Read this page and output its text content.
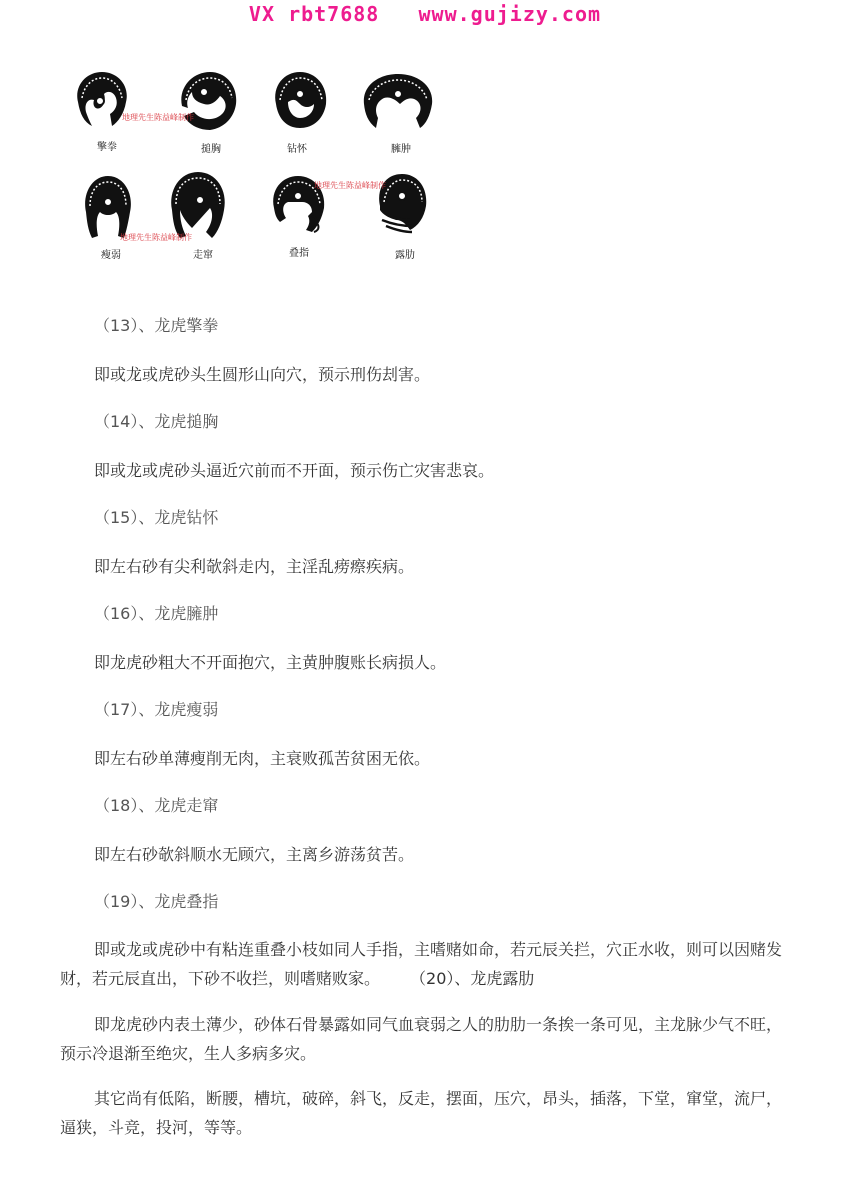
VX rbt7688 www.gujizy.com
擎拳	搥胸	钻怀	臃肿
瘦弱	走窜	叠指	露肋
地理先生陈益峰制作
地理先生陈益峰制作
地理先生陈益峰制作
（13）、龙虎擎拳
即或龙或虎砂头生圆形山向穴，预示刑伤刦害。
（14）、龙虎搥胸
即或龙或虎砂头逼近穴前而不开面，预示伤亡灾害悲哀。
（15）、龙虎钻怀
即左右砂有尖利欹斜走内，主淫乱痨瘵疾病。
（16）、龙虎臃肿
即龙虎砂粗大不开面抱穴，主黄肿腹账长病损人。
（17）、龙虎瘦弱
即左右砂单薄瘦削无肉，主衰败孤苦贫困无依。
（18）、龙虎走窜
即左右砂欹斜顺水无顾穴，主离乡游荡贫苦。
（19）、龙虎叠指
即或龙或虎砂中有粘连重叠小枝如同人手指，主嗜赌如命，若元辰关拦，穴正水收，则可以因赌发财，若元辰直出，下砂不收拦，则嗜赌败家。 （20）、龙虎露肋
即龙虎砂内表土薄少，砂体石骨暴露如同气血衰弱之人的肋肋一条挨一条可见，主龙脉少气不旺，预示冷退渐至绝灾，生人多病多灾。
其它尚有低陷，断腰，槽坑，破碎，斜飞，反走，摆面，压穴，昂头，插落，下堂，窜堂，流尸，逼狭，斗竞，投河，等等。
